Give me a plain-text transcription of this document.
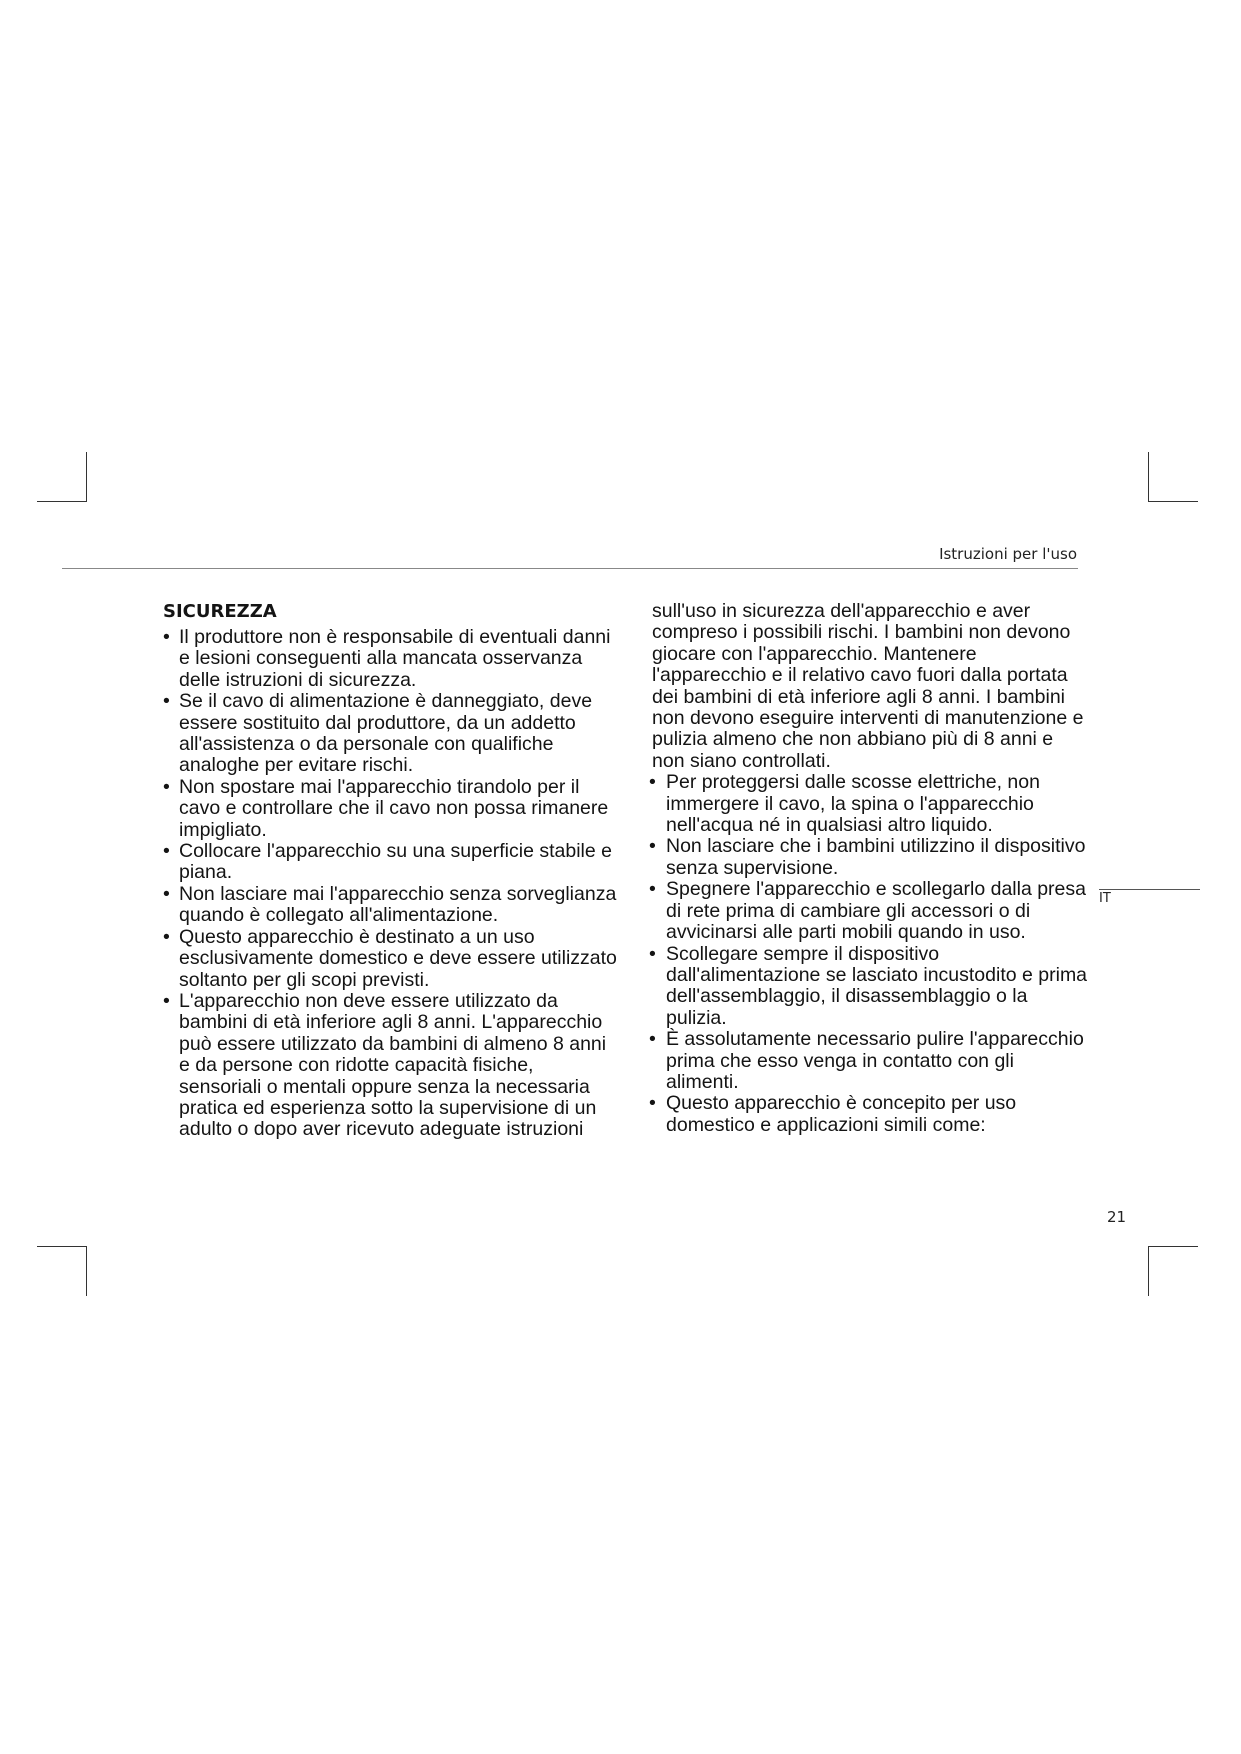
Istruzioni per l'uso
SICUREZZA
• Il produttore non è responsabile di eventuali danni e lesioni conseguenti alla mancata osservanza delle istruzioni di sicurezza.
• Se il cavo di alimentazione è danneggiato, deve essere sostituito dal produttore, da un addetto all'assistenza o da personale con qualifiche analoghe per evitare rischi.
• Non spostare mai l'apparecchio tirandolo per il cavo e controllare che il cavo non possa rimanere impigliato.
• Collocare l'apparecchio su una superficie stabile e piana.
• Non lasciare mai l'apparecchio senza sorveglianza quando è collegato all'alimentazione.
• Questo apparecchio è destinato a un uso esclusivamente domestico e deve essere utilizzato soltanto per gli scopi previsti.
• L'apparecchio non deve essere utilizzato da bambini di età inferiore agli 8 anni. L'apparecchio può essere utilizzato da bambini di almeno 8 anni e da persone con ridotte capacità fisiche, sensoriali o mentali oppure senza la necessaria pratica ed esperienza sotto la supervisione di un adulto o dopo aver ricevuto adeguate istruzioni

sull'uso in sicurezza dell'apparecchio e aver compreso i possibili rischi. I bambini non devono giocare con l'apparecchio. Mantenere l'apparecchio e il relativo cavo fuori dalla portata dei bambini di età inferiore agli 8 anni. I bambini non devono eseguire interventi di manutenzione e pulizia almeno che non abbiano più di 8 anni e non siano controllati.

• Per proteggersi dalle scosse elettriche, non immergere il cavo, la spina o l'apparecchio nell'acqua né in qualsiasi altro liquido.
• Non lasciare che i bambini utilizzino il dispositivo senza supervisione.
• Spegnere l'apparecchio e scollegarlo dalla presa di rete prima di cambiare gli accessori o di avvicinarsi alle parti mobili quando in uso.
• Scollegare sempre il dispositivo dall'alimentazione se lasciato incustodito e prima dell'assemblaggio, il disassemblaggio o la pulizia.
• È assolutamente necessario pulire l'apparecchio prima che esso venga in contatto con gli alimenti.
• Questo apparecchio è concepito per uso domestico e applicazioni simili come:
IT
21
